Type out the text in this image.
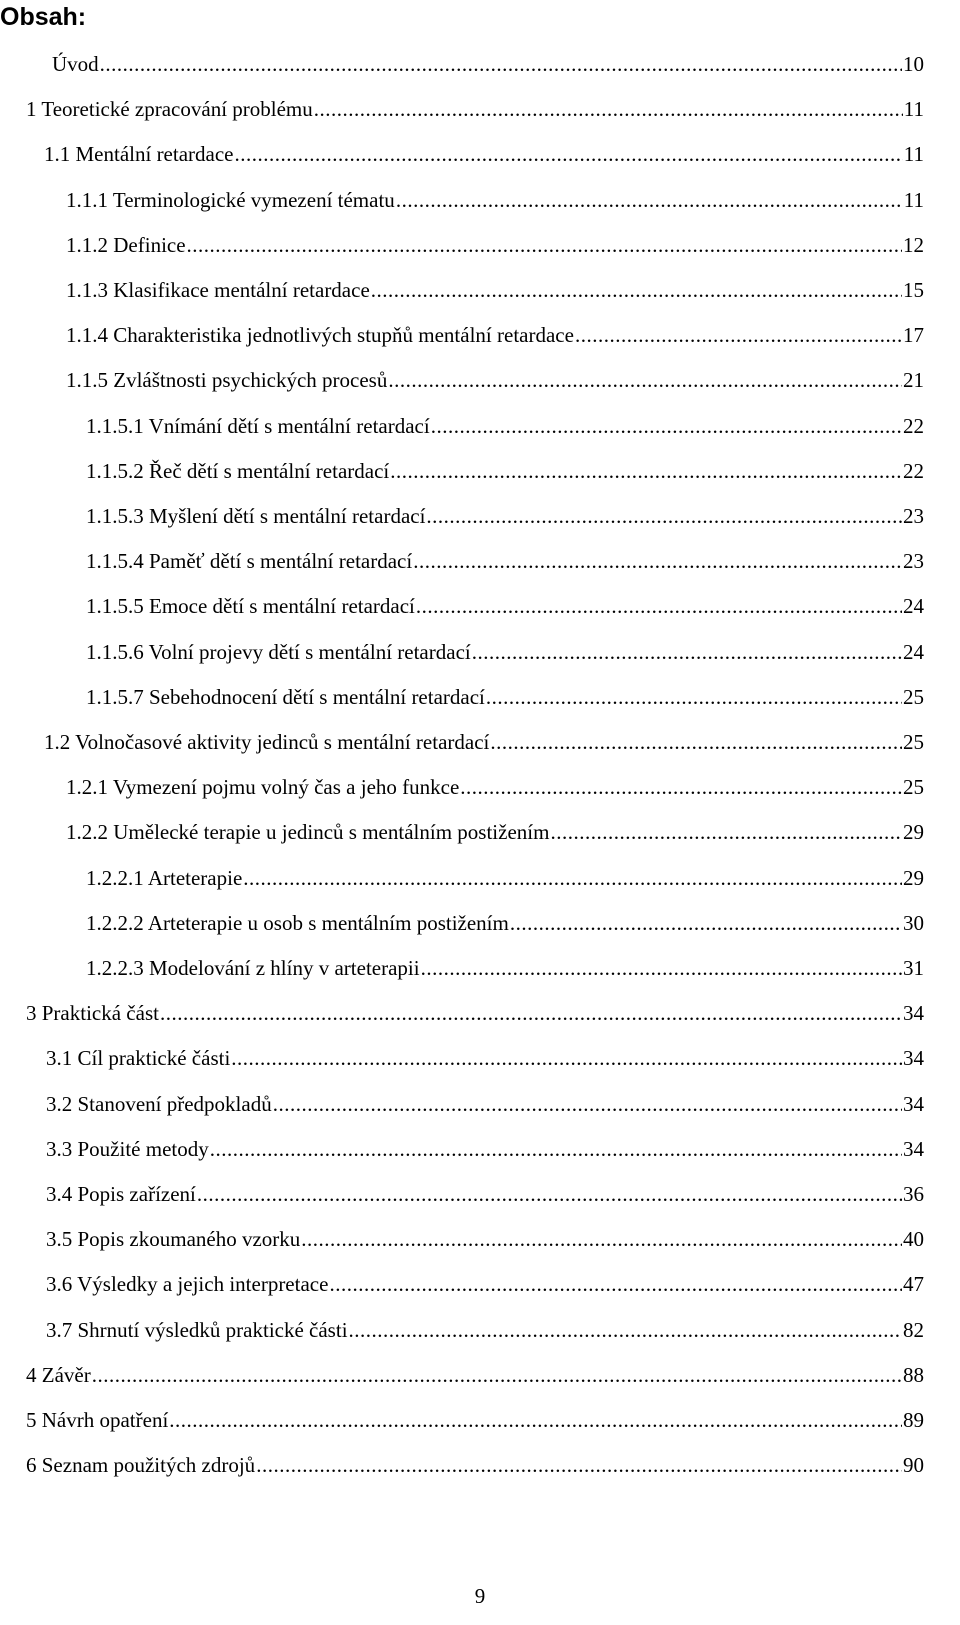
Obsah:
Úvod .....	10
1 Teoretické zpracování problému .....	11
1.1 Mentální retardace .....	11
1.1.1 Terminologické vymezení tématu .....	11
1.1.2 Definice .....	12
1.1.3 Klasifikace mentální retardace .....	15
1.1.4 Charakteristika jednotlivých stupňů mentální retardace .....	17
1.1.5 Zvláštnosti psychických procesů .....	21
1.1.5.1 Vnímání dětí s mentální retardací .....	22
1.1.5.2 Řeč dětí s mentální retardací .....	22
1.1.5.3 Myšlení dětí s mentální retardací .....	23
1.1.5.4 Paměť dětí s mentální retardací .....	23
1.1.5.5 Emoce dětí s mentální retardací .....	24
1.1.5.6 Volní projevy dětí s mentální retardací .....	24
1.1.5.7 Sebehodnocení dětí s mentální retardací .....	25
1.2 Volnočasové aktivity jedinců s mentální retardací .....	25
1.2.1 Vymezení pojmu volný čas a jeho funkce .....	25
1.2.2 Umělecké terapie u jedinců s mentálním postižením .....	29
1.2.2.1 Arteterapie .....	29
1.2.2.2 Arteterapie u osob s mentálním postižením .....	30
1.2.2.3 Modelování z hlíny v arteterapii .....	31
3 Praktická část .....	34
3.1 Cíl praktické části .....	34
3.2 Stanovení předpokladů .....	34
3.3 Použité metody .....	34
3.4 Popis zařízení .....	36
3.5 Popis zkoumaného vzorku .....	40
3.6 Výsledky a jejich interpretace .....	47
3.7 Shrnutí výsledků praktické části .....	82
4 Závěr .....	88
5 Návrh opatření .....	89
6 Seznam použitých zdrojů .....	90
9
